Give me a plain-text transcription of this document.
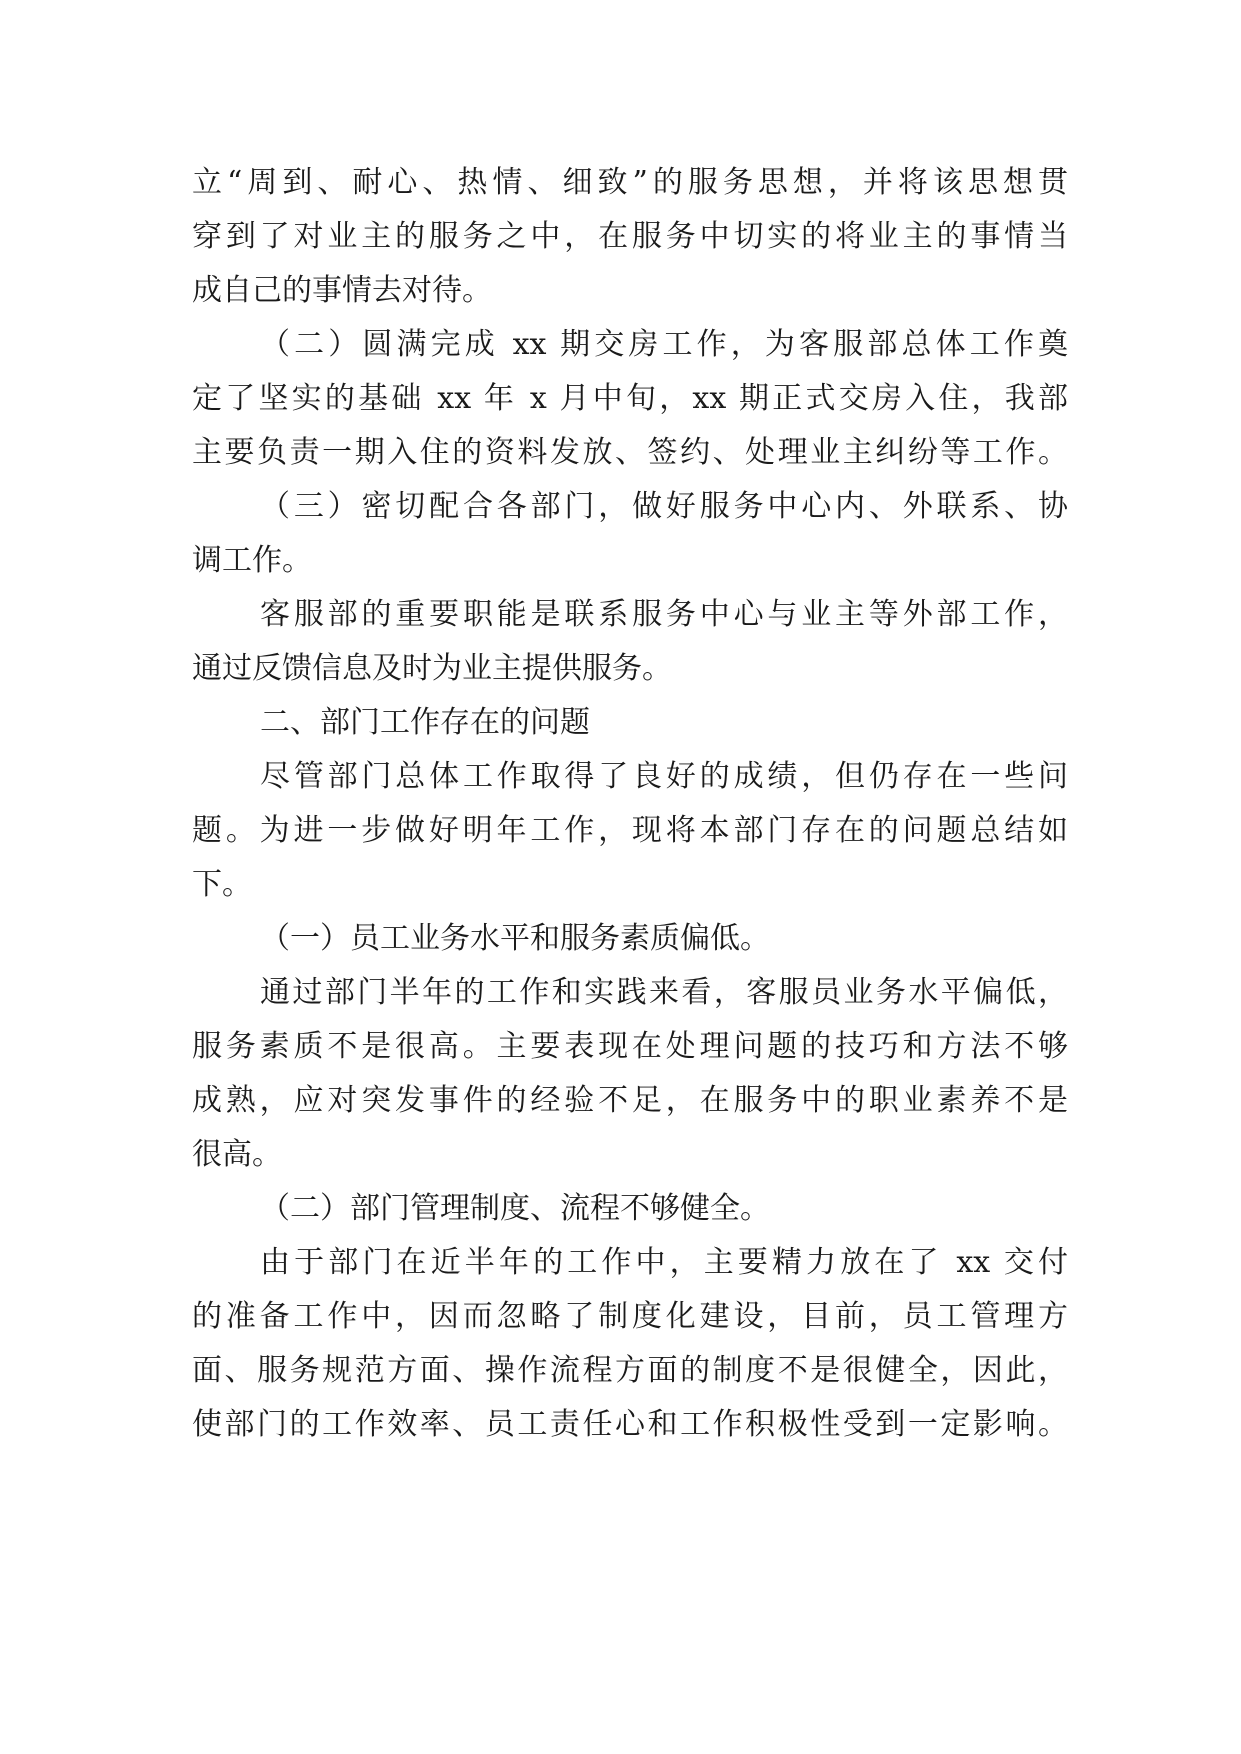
立“周到、耐心、热情、细致”的服务思想，并将该思想贯
穿到了对业主的服务之中，在服务中切实的将业主的事情当
成自己的事情去对待。
（二）圆满完成 xx 期交房工作，为客服部总体工作奠
定了坚实的基础 xx 年 x 月中旬，xx 期正式交房入住，我部
主要负责一期入住的资料发放、签约、处理业主纠纷等工作。
（三）密切配合各部门，做好服务中心内、外联系、协
调工作。
客服部的重要职能是联系服务中心与业主等外部工作，
通过反馈信息及时为业主提供服务。
二、部门工作存在的问题
尽管部门总体工作取得了良好的成绩，但仍存在一些问
题。为进一步做好明年工作，现将本部门存在的问题总结如
下。
（一）员工业务水平和服务素质偏低。
通过部门半年的工作和实践来看，客服员业务水平偏低，
服务素质不是很高。主要表现在处理问题的技巧和方法不够
成熟，应对突发事件的经验不足，在服务中的职业素养不是
很高。
（二）部门管理制度、流程不够健全。
由于部门在近半年的工作中，主要精力放在了 xx 交付
的准备工作中，因而忽略了制度化建设，目前，员工管理方
面、服务规范方面、操作流程方面的制度不是很健全，因此，
使部门的工作效率、员工责任心和工作积极性受到一定影响。
